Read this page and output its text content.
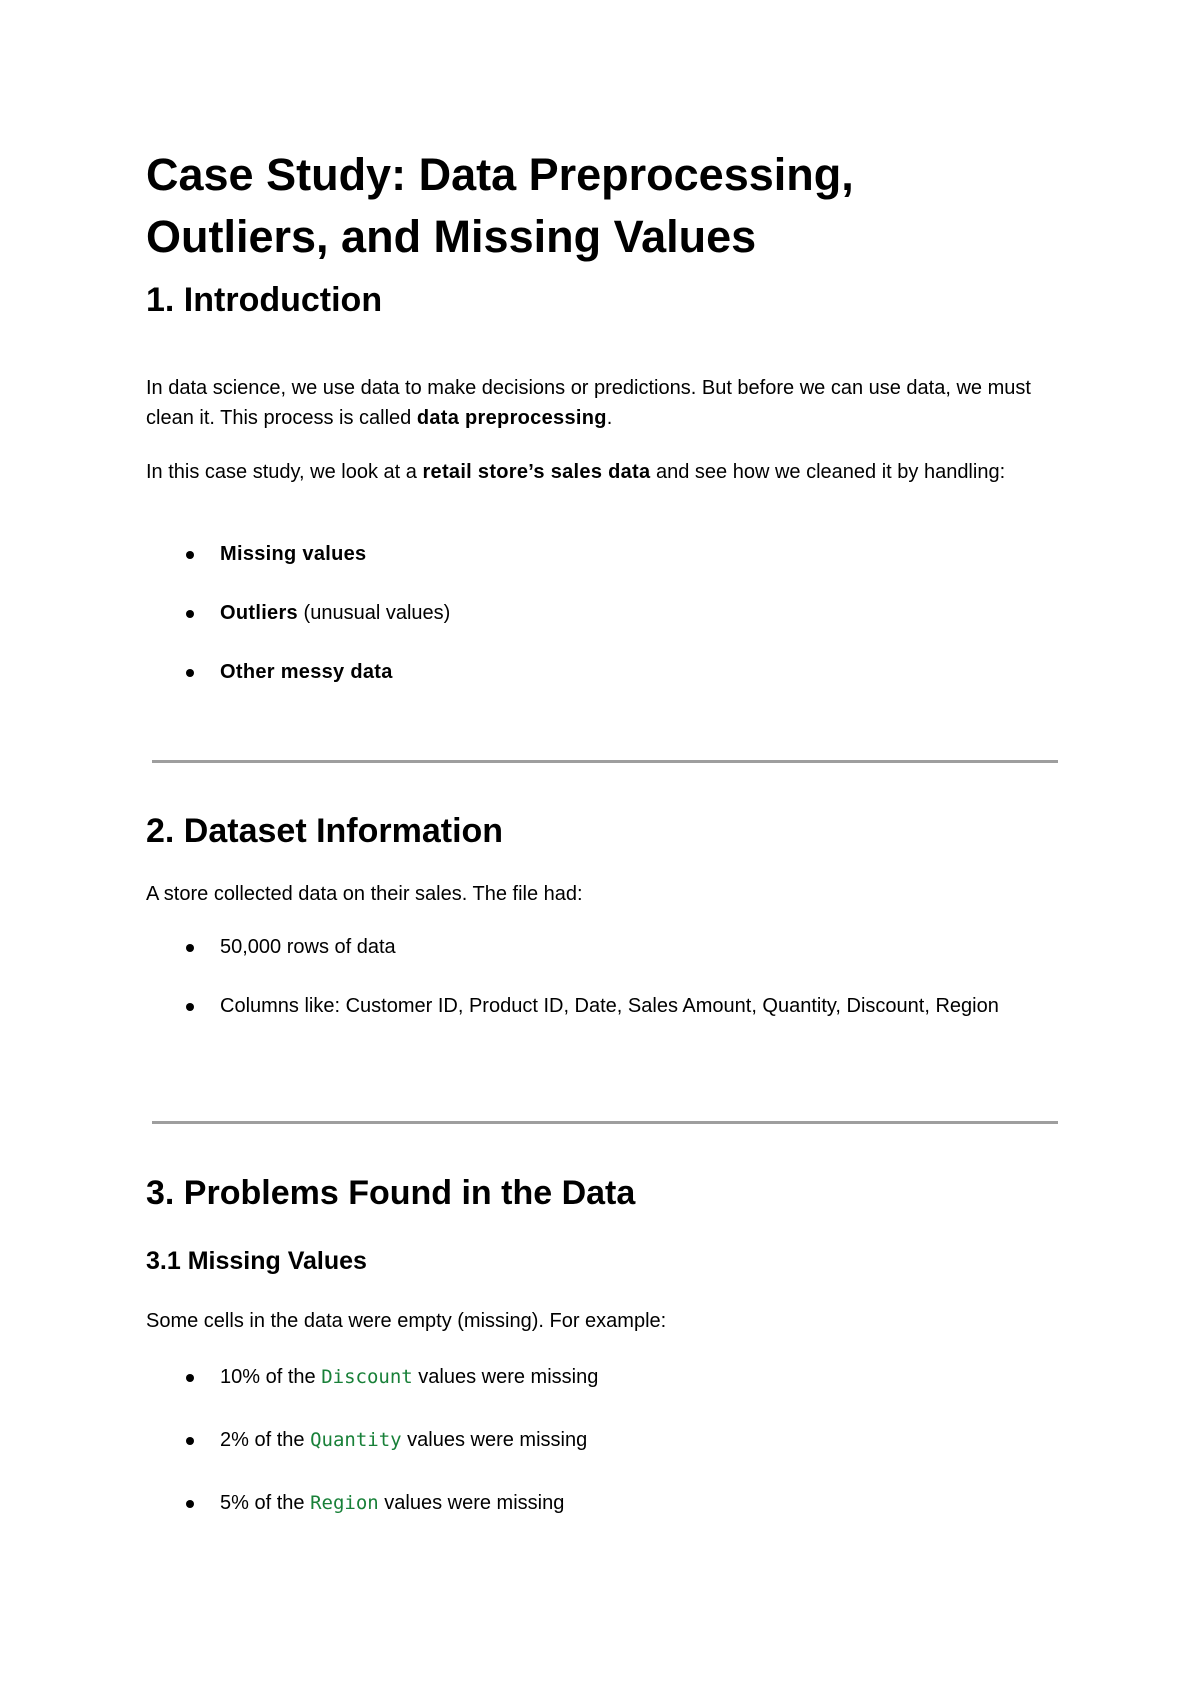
Case Study: Data Preprocessing, Outliers, and Missing Values
1. Introduction

In data science, we use data to make decisions or predictions. But before we can use data, we must clean it. This process is called data preprocessing.

In this case study, we look at a retail store’s sales data and see how we cleaned it by handling:

Missing values
Outliers (unusual values)
Other messy data
2. Dataset Information

A store collected data on their sales. The file had:

50,000 rows of data
Columns like: Customer ID, Product ID, Date, Sales Amount, Quantity, Discount, Region
3. Problems Found in the Data
3.1 Missing Values

Some cells in the data were empty (missing). For example:

10% of the Discount values were missing
2% of the Quantity values were missing
5% of the Region values were missing
